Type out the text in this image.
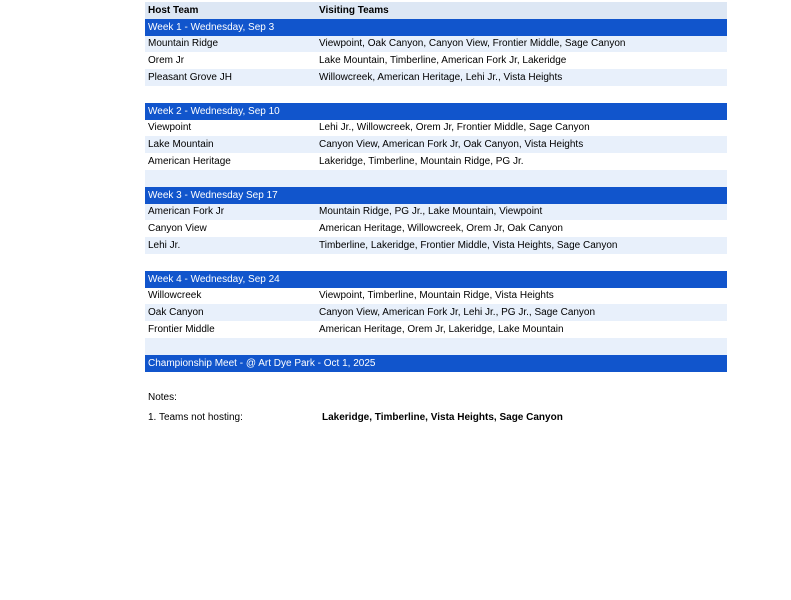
Host Team	Visiting Teams
Week 1 - Wednesday, Sep 3
Mountain Ridge	Viewpoint, Oak Canyon, Canyon View, Frontier Middle, Sage Canyon
Orem Jr	Lake Mountain, Timberline, American Fork Jr, Lakeridge
Pleasant Grove JH	Willowcreek, American Heritage, Lehi Jr., Vista Heights
Week 2 - Wednesday, Sep 10
Viewpoint	Lehi Jr., Willowcreek, Orem Jr, Frontier Middle, Sage Canyon
Lake Mountain	Canyon View, American Fork Jr, Oak Canyon, Vista Heights
American Heritage	Lakeridge, Timberline, Mountain Ridge, PG Jr.
Week 3 - Wednesday Sep 17
American Fork Jr	Mountain Ridge, PG Jr., Lake Mountain, Viewpoint
Canyon View	American Heritage, Willowcreek, Orem Jr, Oak Canyon
Lehi Jr.	Timberline, Lakeridge, Frontier Middle, Vista Heights, Sage Canyon
Week 4 - Wednesday, Sep 24
Willowcreek	Viewpoint, Timberline, Mountain Ridge, Vista Heights
Oak Canyon	Canyon View, American Fork Jr, Lehi Jr., PG Jr., Sage Canyon
Frontier Middle	American Heritage, Orem Jr, Lakeridge, Lake Mountain
Championship Meet - @ Art Dye Park - Oct 1, 2025
Notes:
1. Teams not hosting:	Lakeridge, Timberline, Vista Heights, Sage Canyon
